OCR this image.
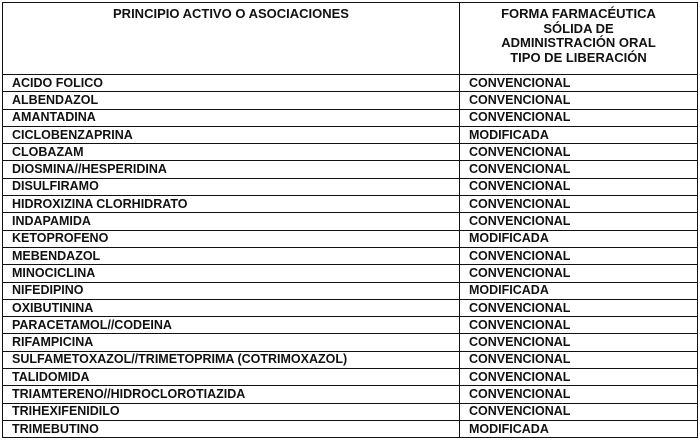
PRINCIPIO ACTIVO O ASOCIACIONES	FORMA FARMACÉUTICA
SÓLIDA DE
ADMINISTRACIÓN ORAL
TIPO DE LIBERACIÓN

ACIDO FOLICO	CONVENCIONAL
ALBENDAZOL	CONVENCIONAL
AMANTADINA	CONVENCIONAL
CICLOBENZAPRINA	MODIFICADA
CLOBAZAM	CONVENCIONAL
DIOSMINA//HESPERIDINA	CONVENCIONAL
DISULFIRAMO	CONVENCIONAL
HIDROXIZINA CLORHIDRATO	CONVENCIONAL
INDAPAMIDA	CONVENCIONAL
KETOPROFENO	MODIFICADA
MEBENDAZOL	CONVENCIONAL
MINOCICLINA	CONVENCIONAL
NIFEDIPINO	MODIFICADA
OXIBUTININA	CONVENCIONAL
PARACETAMOL//CODEINA	CONVENCIONAL
RIFAMPICINA	CONVENCIONAL
SULFAMETOXAZOL//TRIMETOPRIMA (COTRIMOXAZOL)	CONVENCIONAL
TALIDOMIDA	CONVENCIONAL
TRIAMTERENO//HIDROCLOROTIAZIDA	CONVENCIONAL
TRIHEXIFENIDILO	CONVENCIONAL
TRIMEBUTINO	MODIFICADA
